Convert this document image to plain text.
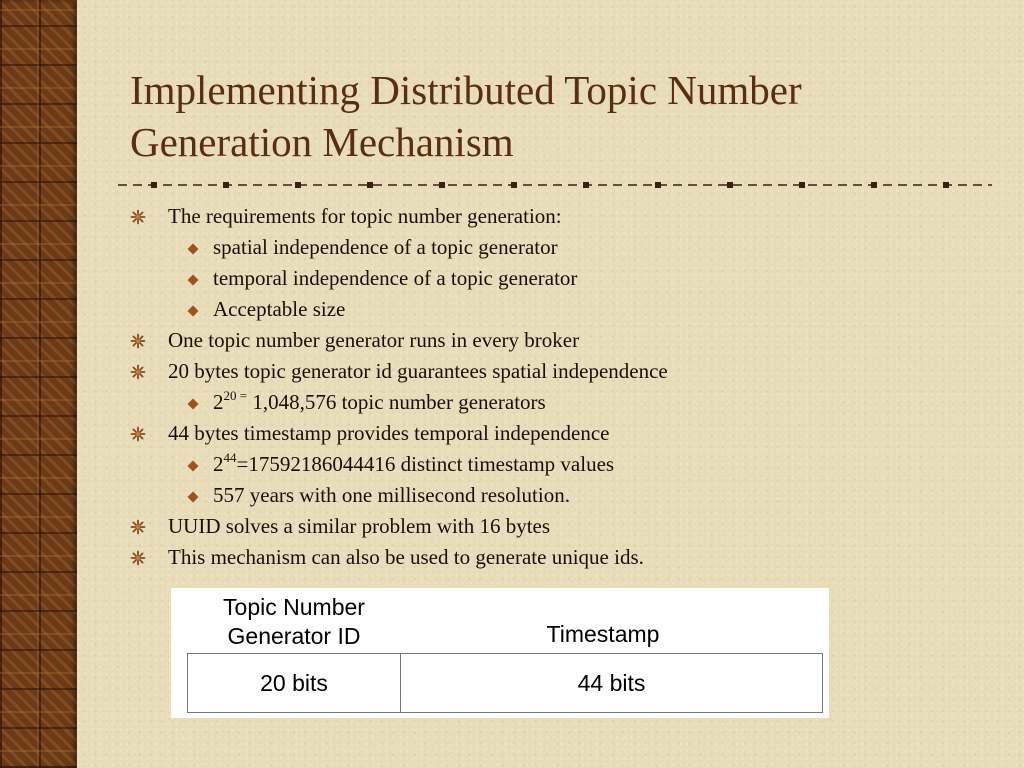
Implementing Distributed Topic Number
Generation Mechanism
The requirements for topic number generation:
spatial independence of a topic generator
temporal independence of a topic generator
Acceptable size
One topic number generator runs in every broker
20 bytes topic generator id guarantees spatial independence
$2^{20 =}$ 1,048,576 topic number generators
44 bytes timestamp provides temporal independence
$2^{44}=17592186044416$ distinct timestamp values
557 years with one millisecond resolution.
UUID solves a similar problem with 16 bytes
This mechanism can also be used to generate unique ids.
Topic Number
Generator ID	Timestamp
20 bits	44 bits
